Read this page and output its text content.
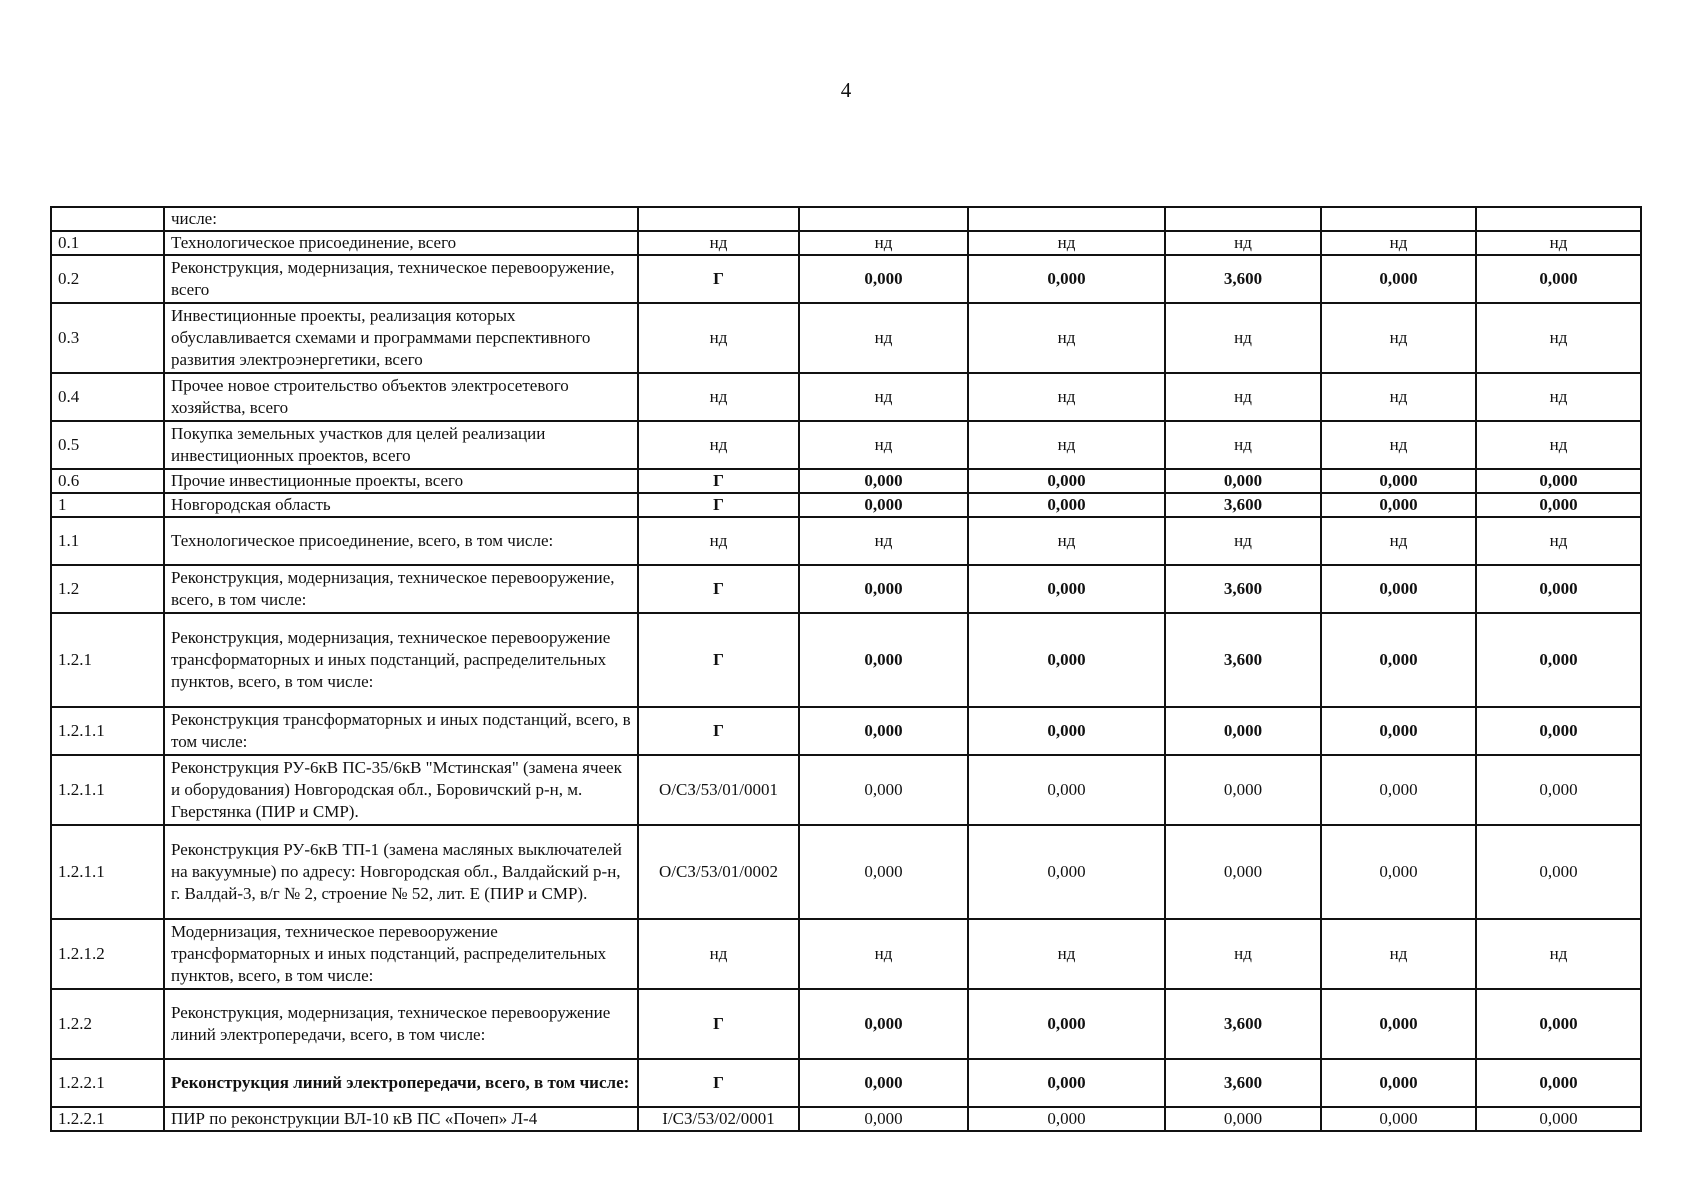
4
	числе:						
0.1	Технологическое присоединение, всего	нд	нд	нд	нд	нд	нд
0.2	Реконструкция, модернизация, техническое перевооружение, всего	Г	0,000	0,000	3,600	0,000	0,000
0.3	Инвестиционные проекты, реализация которых обуславливается схемами и программами перспективного развития электроэнергетики, всего	нд	нд	нд	нд	нд	нд
0.4	Прочее новое строительство объектов электросетевого хозяйства, всего	нд	нд	нд	нд	нд	нд
0.5	Покупка земельных участков для целей реализации инвестиционных проектов, всего	нд	нд	нд	нд	нд	нд
0.6	Прочие инвестиционные проекты, всего	Г	0,000	0,000	0,000	0,000	0,000
1	Новгородская область	Г	0,000	0,000	3,600	0,000	0,000
1.1	Технологическое присоединение, всего, в том числе:	нд	нд	нд	нд	нд	нд
1.2	Реконструкция, модернизация, техническое перевооружение, всего, в том числе:	Г	0,000	0,000	3,600	0,000	0,000
1.2.1	Реконструкция, модернизация, техническое перевооружение трансформаторных и иных подстанций, распределительных пунктов, всего, в том числе:	Г	0,000	0,000	3,600	0,000	0,000
1.2.1.1	Реконструкция трансформаторных и иных подстанций, всего, в том числе:	Г	0,000	0,000	0,000	0,000	0,000
1.2.1.1	Реконструкция РУ-6кВ ПС-35/6кВ "Мстинская" (замена ячеек и оборудования) Новгородская обл., Боровичский р-н, м. Гверстянка (ПИР и СМР).	О/СЗ/53/01/0001	0,000	0,000	0,000	0,000	0,000
1.2.1.1	Реконструкция РУ-6кВ ТП-1 (замена масляных выключателей на вакуумные) по адресу: Новгородская обл., Валдайский р-н, г. Валдай-3, в/г № 2, строение № 52, лит. Е (ПИР и СМР).	О/СЗ/53/01/0002	0,000	0,000	0,000	0,000	0,000
1.2.1.2	Модернизация, техническое перевооружение трансформаторных и иных подстанций, распределительных пунктов, всего, в том числе:	нд	нд	нд	нд	нд	нд
1.2.2	Реконструкция, модернизация, техническое перевооружение линий электропередачи, всего, в том числе:	Г	0,000	0,000	3,600	0,000	0,000
1.2.2.1	Реконструкция линий электропередачи, всего, в том числе:	Г	0,000	0,000	3,600	0,000	0,000
1.2.2.1	ПИР по реконструкции ВЛ-10 кВ ПС «Почеп» Л-4	I/СЗ/53/02/0001	0,000	0,000	0,000	0,000	0,000
